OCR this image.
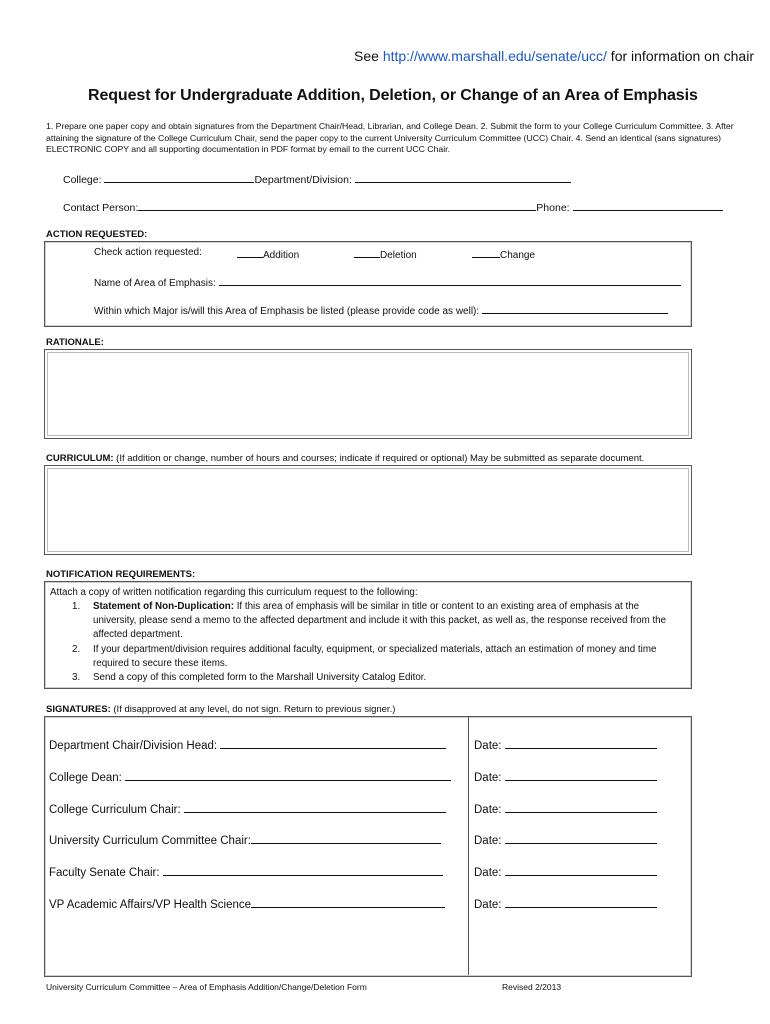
See http://www.marshall.edu/senate/ucc/ for information on chair
Request for Undergraduate Addition, Deletion, or Change of an Area of Emphasis
1. Prepare one paper copy and obtain signatures from the Department Chair/Head, Librarian, and College Dean. 2. Submit the form to your College Curriculum Committee. 3. After attaining the signature of the College Curriculum Chair, send the paper copy to the current University Curriculum Committee (UCC) Chair. 4. Send an identical (sans signatures) ELECTRONIC COPY and all supporting documentation in PDF format by email to the current UCC Chair.
College:	Department/Division:
Contact Person:	Phone:
ACTION REQUESTED:
Check action requested:	Addition	Deletion	Change
Name of Area of Emphasis:
Within which Major is/will this Area of Emphasis be listed (please provide code as well):
RATIONALE:
CURRICULUM: (If addition or change, number of hours and courses; indicate if required or optional) May be submitted as separate document.
NOTIFICATION REQUIREMENTS:
Attach a copy of written notification regarding this curriculum request to the following:
1.	Statement of Non-Duplication: If this area of emphasis will be similar in title or content to an existing area of emphasis at the university, please send a memo to the affected department and include it with this packet, as well as, the response received from the affected department.
2.	If your department/division requires additional faculty, equipment, or specialized materials, attach an estimation of money and time required to secure these items.
3.	Send a copy of this completed form to the Marshall University Catalog Editor.
SIGNATURES: (If disapproved at any level, do not sign. Return to previous signer.)
Department Chair/Division Head:	Date:
College Dean:	Date:
College Curriculum Chair:	Date:
University Curriculum Committee Chair:	Date:
Faculty Senate Chair:	Date:
VP Academic Affairs/VP Health Science	Date:
University Curriculum Committee – Area of Emphasis Addition/Change/Deletion Form	Revised 2/2013
